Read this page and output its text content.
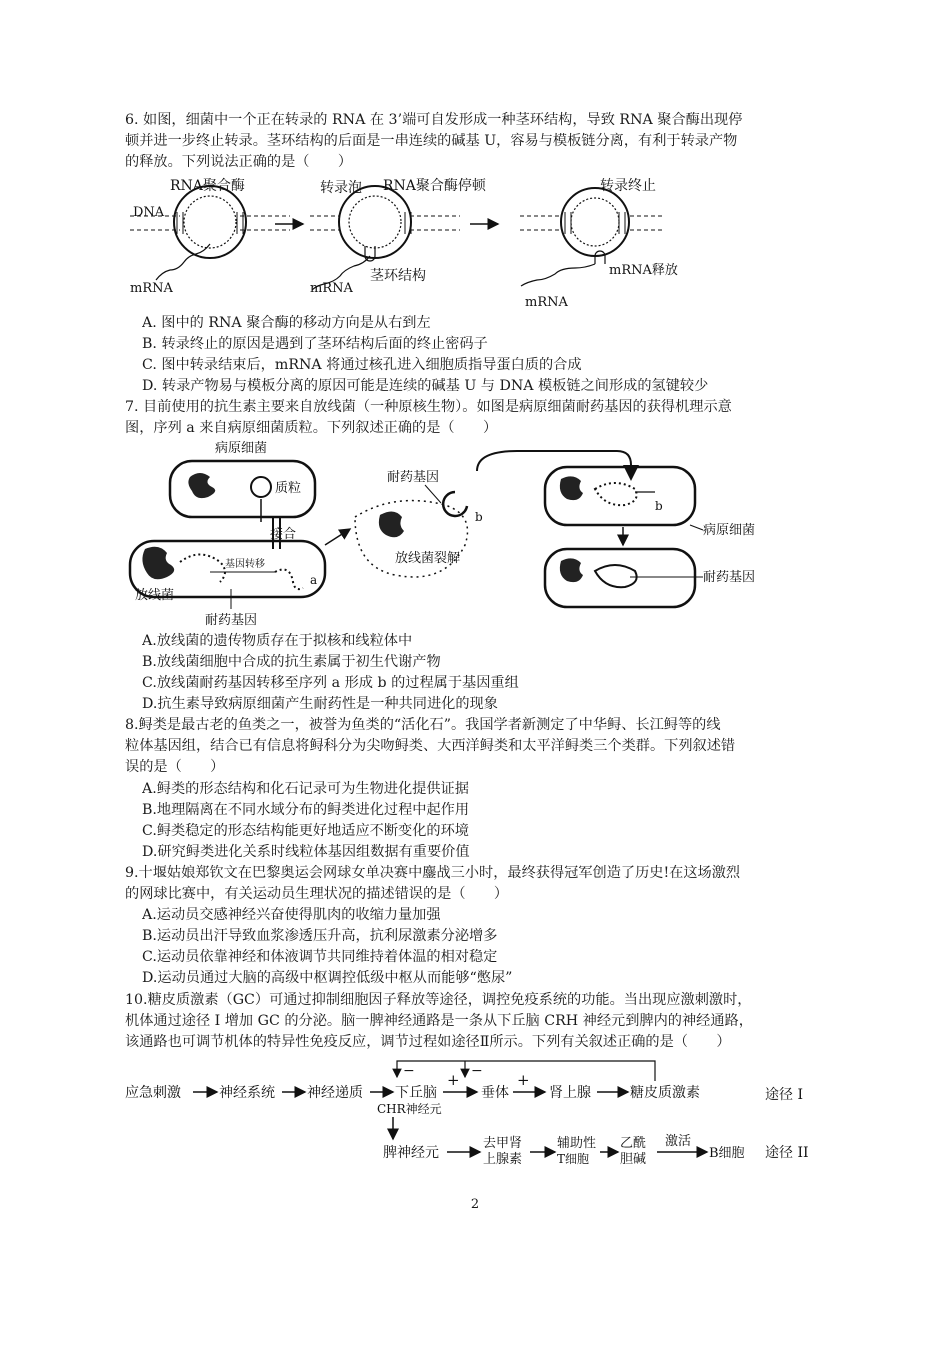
6. 如图，细菌中一个正在转录的 RNA 在 3’端可自发形成一种茎环结构，导致 RNA 聚合酶出现停
顿并进一步终止转录。茎环结构的后面是一串连续的碱基 U，容易与模板链分离，有利于转录产物
的释放。下列说法正确的是（　　）
DNA
RNA聚合酶
mRNA
转录泡 RNA聚合酶停顿
茎环结构
mRNA
转录终止
mRNA释放
mRNA
A. 图中的 RNA 聚合酶的移动方向是从右到左
B. 转录终止的原因是遇到了茎环结构后面的终止密码子
C. 图中转录结束后，mRNA 将通过核孔进入细胞质指导蛋白质的合成
D. 转录产物易与模板分离的原因可能是连续的碱基 U 与 DNA 模板链之间形成的氢键较少
7. 目前使用的抗生素主要来自放线菌（一种原核生物）。如图是病原细菌耐药基因的获得机理示意
图，序列 a 来自病原细菌质粒。下列叙述正确的是（　　）
病原细菌
质粒
接合
基因转移
a
放线菌
耐药基因
耐药基因
b
放线菌裂解
b
病原细菌
耐药基因
A.放线菌的遗传物质存在于拟核和线粒体中
B.放线菌细胞中合成的抗生素属于初生代谢产物
C.放线菌耐药基因转移至序列 a 形成 b 的过程属于基因重组
D.抗生素导致病原细菌产生耐药性是一种共同进化的现象
8.鲟类是最古老的鱼类之一，被誉为鱼类的“活化石”。我国学者新测定了中华鲟、长江鲟等的线
粒体基因组，结合已有信息将鲟科分为尖吻鲟类、大西洋鲟类和太平洋鲟类三个类群。下列叙述错
误的是（　　）
A.鲟类的形态结构和化石记录可为生物进化提供证据
B.地理隔离在不同水域分布的鲟类进化过程中起作用
C.鲟类稳定的形态结构能更好地适应不断变化的环境
D.研究鲟类进化关系时线粒体基因组数据有重要价值
9.十堰姑娘郑钦文在巴黎奥运会网球女单决赛中鏖战三小时，最终获得冠军创造了历史!在这场激烈
的网球比赛中，有关运动员生理状况的描述错误的是（　　）
A.运动员交感神经兴奋使得肌肉的收缩力量加强
B.运动员出汗导致血浆渗透压升高，抗利尿激素分泌增多
C.运动员依靠神经和体液调节共同维持着体温的相对稳定
D.运动员通过大脑的高级中枢调控低级中枢从而能够“憋尿”
10.糖皮质激素（GC）可通过抑制细胞因子释放等途径，调控免疫系统的功能。当出现应激刺激时，
机体通过途径 I 增加 GC 的分泌。脑一脾神经通路是一条从下丘脑 CRH 神经元到脾内的神经通路，
该通路也可调节机体的特异性免疫反应，调节过程如途径Ⅱ所示。下列有关叙述正确的是（　　）
应急刺激	神经系统 神经递质 下丘脑
CHR神经元
+
垂体
+
肾上腺	糖皮质激素	途径 I
−	−
脾神经元
去甲肾
上腺素
辅助性
T细胞
乙酰
胆碱
激活
B细胞 途径 II
2
